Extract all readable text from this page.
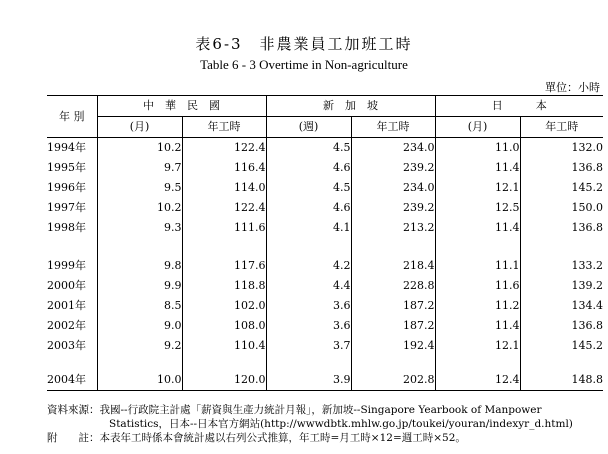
表6-3　非農業員工加班工時
Table 6 - 3 Overtime in Non-agriculture
單位：小時
年 別	中　華　民　國		新　加　坡		日　　　本	
	(月)	年工時	(週)	年工時	(月)	年工時
1994年	10.2	122.4	4.5	234.0	11.0	132.0
1995年	9.7	116.4	4.6	239.2	11.4	136.8
1996年	9.5	114.0	4.5	234.0	12.1	145.2
1997年	10.2	122.4	4.6	239.2	12.5	150.0
1998年	9.3	111.6	4.1	213.2	11.4	136.8

1999年	9.8	117.6	4.2	218.4	11.1	133.2
2000年	9.9	118.8	4.4	228.8	11.6	139.2
2001年	8.5	102.0	3.6	187.2	11.2	134.4
2002年	9.0	108.0	3.6	187.2	11.4	136.8
2003年	9.2	110.4	3.7	192.4	12.1	145.2

2004年	10.0	120.0	3.9	202.8	12.4	148.8
資料來源：我國--行政院主計處「薪資與生產力統計月報」，新加坡--Singapore Yearbook of Manpower
Statistics，日本--日本官方網站(http://wwwdbtk.mhlw.go.jp/toukei/youran/indexyr_d.html)
附　　註：本表年工時係本會統計處以右列公式推算，年工時=月工時×12=週工時×52。
